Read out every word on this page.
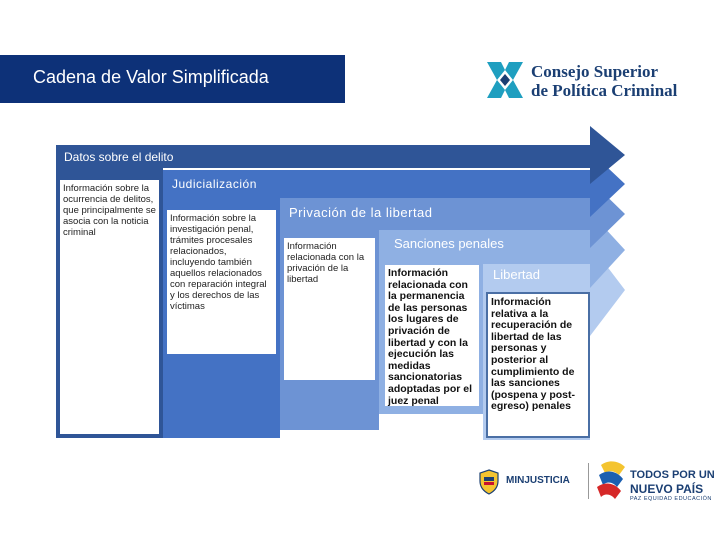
Cadena de Valor Simplificada	Consejo Superior
de Política Criminal
Datos sobre el delito
Judicialización
Privación de la libertad
Sanciones penales
Libertad

Información sobre la ocurrencia de delitos, que principalmente se asocia con la noticia criminal

Información sobre la investigación penal, trámites procesales relacionados, incluyendo también aquellos relacionados con reparación integral y los derechos de las víctimas

Información relacionada con la privación de la libertad

Información relacionada con la permanencia de las personas los lugares de privación de libertad y con la ejecución las medidas sancionatorias adoptadas por el juez penal

Información relativa a la recuperación de libertad de las personas y posterior al cumplimiento de las sanciones (pospena y post-egreso) penales

MINJUSTICIA	TODOS POR UN
NUEVO PAÍS
PAZ EQUIDAD EDUCACIÓN
